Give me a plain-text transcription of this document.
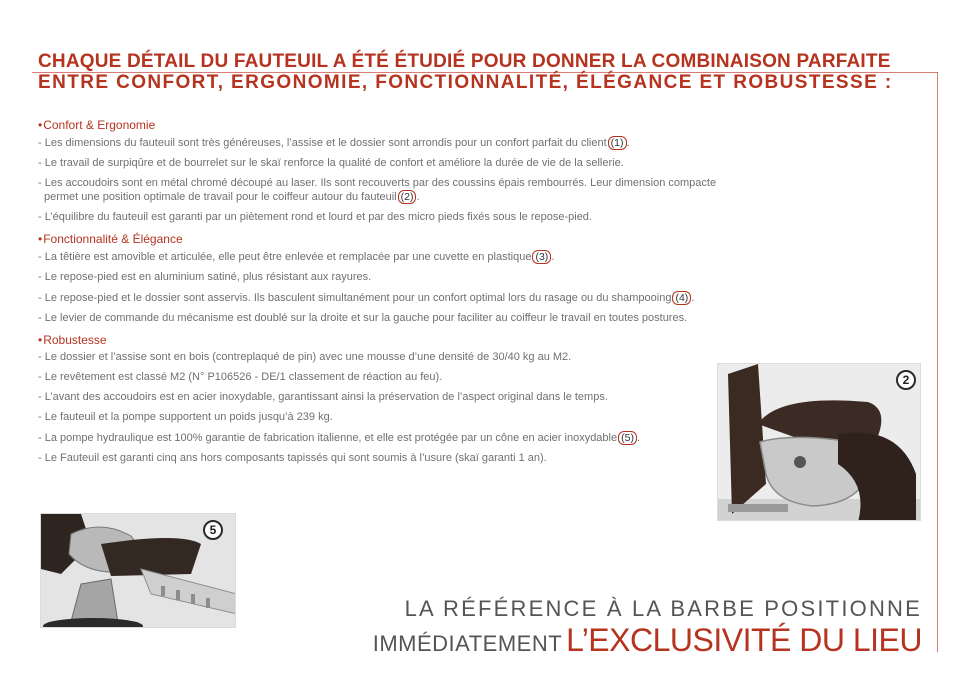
CHAQUE DÉTAIL DU FAUTEUIL A ÉTÉ ÉTUDIÉ POUR DONNER LA COMBINAISON PARFAITE
ENTRE CONFORT, ERGONOMIE, FONCTIONNALITÉ, ÉLÉGANCE ET ROBUSTESSE :
•Confort & Ergonomie

- Les dimensions du fauteuil sont très généreuses, l’assise et le dossier sont arrondis pour un confort parfait du client (1) .

- Le travail de surpiqûre et de bourrelet sur le skaï renforce la qualité de confort et améliore la durée de vie de la sellerie.

- Les accoudoirs sont en métal chromé découpé au laser. Ils sont recouverts par des coussins épais rembourrés. Leur dimension compacte permet une position optimale de travail pour le coiffeur autour du fauteuil (2) .

- L’équilibre du fauteuil est garanti par un piètement rond et lourd et par des micro pieds fixés sous le repose-pied.

•Fonctionnalité & Élégance

- La têtière est amovible et articulée, elle peut être enlevée et remplacée par une cuvette en plastique (3) .

- Le repose-pied est en aluminium satiné, plus résistant aux rayures.

- Le repose-pied et le dossier sont asservis. Ils basculent simultanément pour un confort optimal lors du rasage ou du shampooing (4) .

- Le levier de commande du mécanisme est doublé sur la droite et sur la gauche pour faciliter au coiffeur le travail en toutes postures.

•Robustesse

- Le dossier et l’assise sont en bois (contreplaqué de pin) avec une mousse d’une densité de 30/40 kg au M2.

- Le revêtement est classé M2 (N° P106526 - DE/1 classement de réaction au feu).

- L’avant des accoudoirs est en acier inoxydable, garantissant ainsi la préservation de l’aspect original dans le temps.

- Le fauteuil et la pompe supportent un poids jusqu’à 239 kg.

- La pompe hydraulique est 100% garantie de fabrication italienne, et elle est protégée par un cône en acier inoxydable (5) .

- Le Fauteuil est garanti cinq ans hors composants tapissés qui sont soumis à l’usure (skaï garanti 1 an).

2
5
LA RÉFÉRENCE À LA BARBE POSITIONNE
IMMÉDIATEMENT L’EXCLUSIVITÉ DU LIEU
